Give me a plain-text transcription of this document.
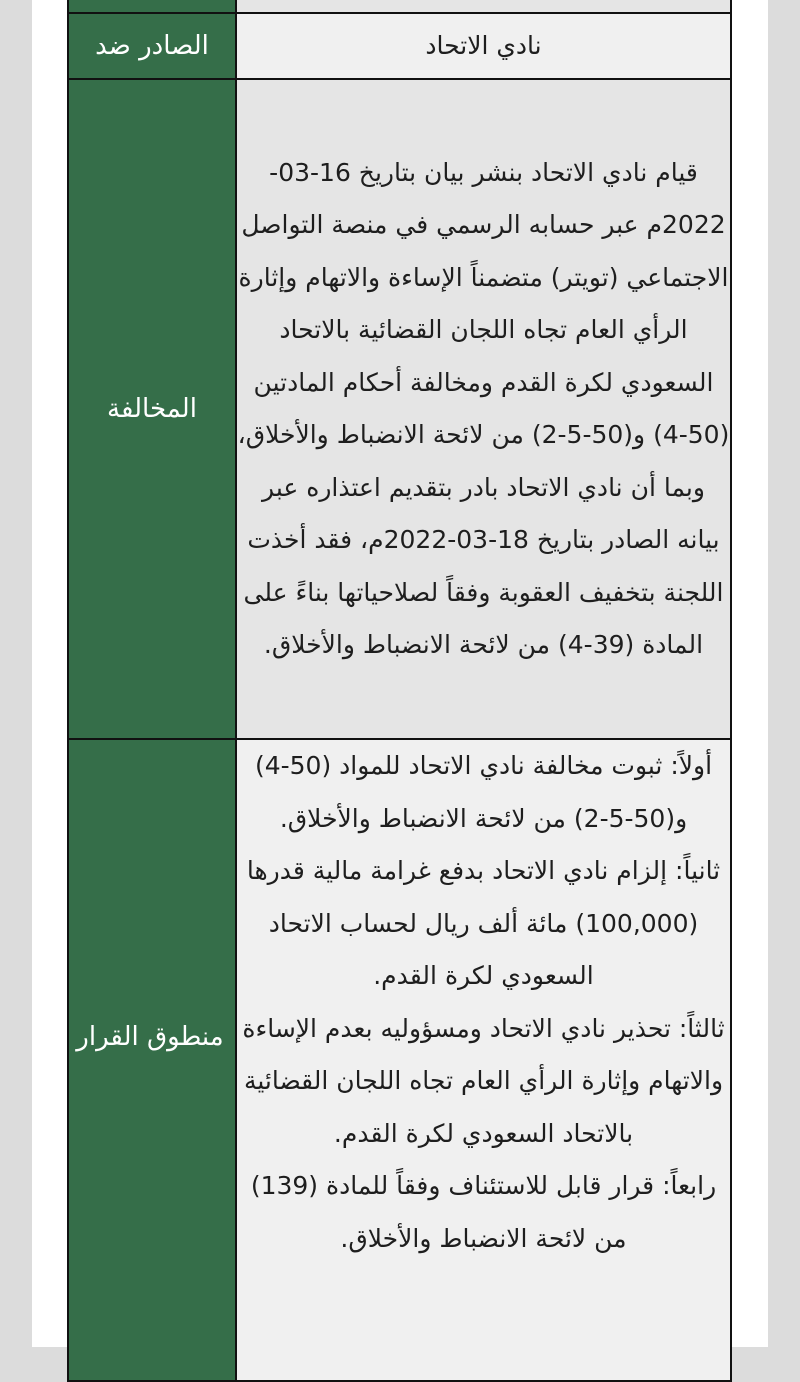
نادي الاتحاد	الصادر ضد
قيام نادي الاتحاد بنشر بيان بتاريخ 16-03-2022م عبر حسابه الرسمي في منصة التواصل الاجتماعي (تويتر) متضمناً الإساءة والاتهام وإثارة الرأي العام تجاه اللجان القضائية بالاتحاد السعودي لكرة القدم ومخالفة أحكام المادتين (50-4) و(50-5-2) من لائحة الانضباط والأخلاق، وبما أن نادي الاتحاد بادر بتقديم اعتذاره عبر بيانه الصادر بتاريخ 18-03-2022م، فقد أخذت اللجنة بتخفيف العقوبة وفقاً لصلاحياتها بناءً على المادة (39-4) من لائحة الانضباط والأخلاق.	المخالفة

أولاً: ثبوت مخالفة نادي الاتحاد للمواد (50-4) و(50-5-2) من لائحة الانضباط والأخلاق.
ثانياً: إلزام نادي الاتحاد بدفع غرامة مالية قدرها (100,000) مائة ألف ريال لحساب الاتحاد السعودي لكرة القدم.
ثالثاً: تحذير نادي الاتحاد ومسؤوليه بعدم الإساءة والاتهام وإثارة الرأي العام تجاه اللجان القضائية بالاتحاد السعودي لكرة القدم.
رابعاً: قرار قابل للاستئناف وفقاً للمادة (139) من لائحة الانضباط والأخلاق.	منطوق القرار
